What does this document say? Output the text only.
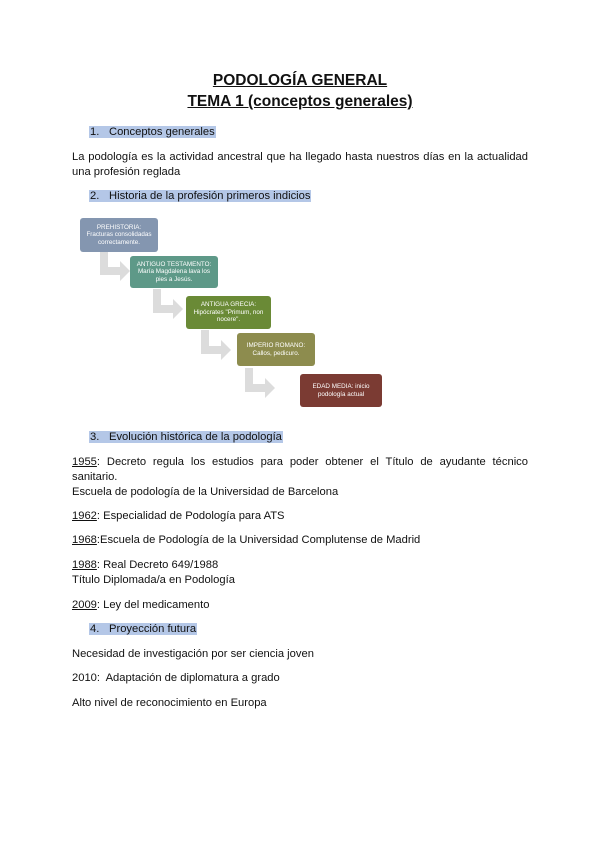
PODOLOGÍA GENERAL
TEMA 1 (conceptos generales)
1. Conceptos generales
La podología es la actividad ancestral que ha llegado hasta nuestros días en la actualidad una profesión reglada
2. Historia de la profesión primeros indicios
PREHISTORIA: Fracturas consolidadas correctamente.
ANTIGUO TESTAMENTO: María Magdalena lava los pies a Jesús.
ANTIGUA GRECIA: Hipócrates "Primum, non nocere".
IMPERIO ROMANO: Callos, pedicuro.
EDAD MEDIA: inicio podología actual
3. Evolución histórica de la podología
1955: Decreto regula los estudios para poder obtener el Título de ayudante técnico sanitario.
Escuela de podología de la Universidad de Barcelona
1962: Especialidad de Podología para ATS
1968:Escuela de Podología de la Universidad Complutense de Madrid
1988: Real Decreto 649/1988
Título Diplomada/a en Podología
2009: Ley del medicamento
4. Proyección futura
Necesidad de investigación por ser ciencia joven
2010:  Adaptación de diplomatura a grado
Alto nivel de reconocimiento en Europa
